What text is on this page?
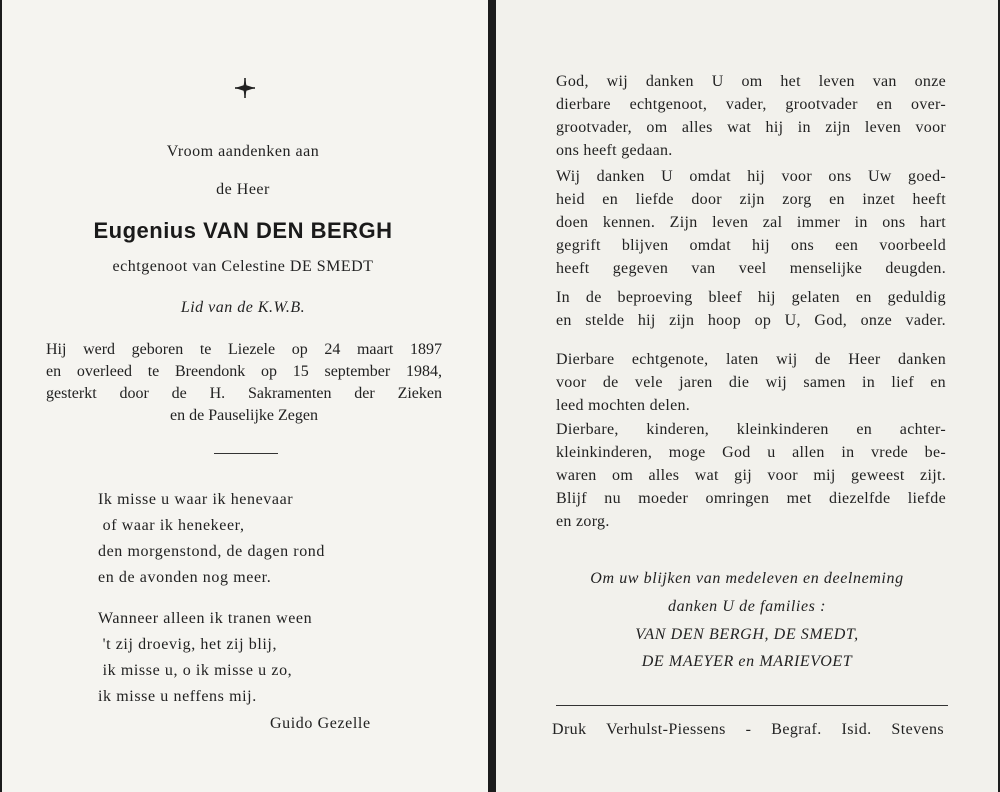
Vroom aandenken aan
de Heer
Eugenius VAN DEN BERGH
echtgenoot van Celestine DE SMEDT
Lid van de K.W.B.
Hij werd geboren te Liezele op 24 maart 1897
en overleed te Breendonk op 15 september 1984,
gesterkt door de H. Sakramenten der Zieken
en de Pauselijke Zegen
Ik misse u waar ik henevaar
of waar ik henekeer,
den morgenstond, de dagen rond
en de avonden nog meer.
Wanneer alleen ik tranen ween
't zij droevig, het zij blij,
ik misse u, o ik misse u zo,
ik misse u neffens mij.
Guido Gezelle
God, wij danken U om het leven van onze
dierbare echtgenoot, vader, grootvader en over-
grootvader, om alles wat hij in zijn leven voor
ons heeft gedaan.
Wij danken U omdat hij voor ons Uw goed-
heid en liefde door zijn zorg en inzet heeft
doen kennen. Zijn leven zal immer in ons hart
gegrift blijven omdat hij ons een voorbeeld
heeft gegeven van veel menselijke deugden.
In de beproeving bleef hij gelaten en geduldig
en stelde hij zijn hoop op U, God, onze vader.
Dierbare echtgenote, laten wij de Heer danken
voor de vele jaren die wij samen in lief en
leed mochten delen.
Dierbare, kinderen, kleinkinderen en achter-
kleinkinderen, moge God u allen in vrede be-
waren om alles wat gij voor mij geweest zijt.
Blijf nu moeder omringen met diezelfde liefde
en zorg.
Om uw blijken van medeleven en deelneming
danken U de families :
VAN DEN BERGH, DE SMEDT,
DE MAEYER en MARIEVOET
Druk Verhulst-Piessens - Begraf. Isid. Stevens
